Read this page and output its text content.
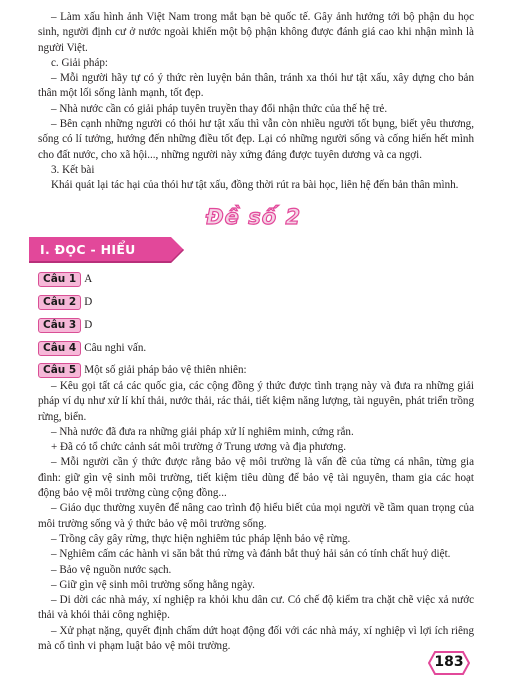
– Làm xấu hình ảnh Việt Nam trong mắt bạn bè quốc tế. Gây ảnh hưởng tới bộ phận du học sinh, người định cư ở nước ngoài khiến một bộ phận không được đánh giá cao khi nhận mình là người Việt.

c. Giải pháp:

– Mỗi người hãy tự có ý thức rèn luyện bản thân, tránh xa thói hư tật xấu, xây dựng cho bản thân một lối sống lành mạnh, tốt đẹp.

– Nhà nước cần có giải pháp tuyên truyền thay đổi nhận thức của thế hệ trẻ.

– Bên cạnh những người có thói hư tật xấu thì vẫn còn nhiều người tốt bụng, biết yêu thương, sống có lí tưởng, hướng đến những điều tốt đẹp. Lại có những người sống và cống hiến hết mình cho đất nước, cho xã hội..., những người này xứng đáng được tuyên dương và ca ngợi.

3. Kết bài

Khái quát lại tác hại của thói hư tật xấu, đồng thời rút ra bài học, liên hệ đến bản thân mình.

Đề số 2
I. ĐỌC - HIỂU
Câu 1 A
Câu 2 D
Câu 3 D
Câu 4 Câu nghi vấn.
Câu 5 Một số giải pháp bảo vệ thiên nhiên:

– Kêu gọi tất cả các quốc gia, các cộng đồng ý thức được tình trạng này và đưa ra những giải pháp ví dụ như xử lí khí thải, nước thải, rác thải, tiết kiệm năng lượng, tài nguyên, phát triển trồng rừng, biển.

– Nhà nước đã đưa ra những giải pháp xử lí nghiêm minh, cứng rắn.

+ Đã có tổ chức cảnh sát môi trường ở Trung ương và địa phương.

– Mỗi người cần ý thức được rằng bảo vệ môi trường là vấn đề của từng cá nhân, từng gia đình: giữ gìn vệ sinh môi trường, tiết kiệm tiêu dùng để bảo vệ tài nguyên, tham gia các hoạt động bảo vệ môi trường cùng cộng đồng...

– Giáo dục thường xuyên để nâng cao trình độ hiểu biết của mọi người về tầm quan trọng của môi trường sống và ý thức bảo vệ môi trường sống.

– Trồng cây gây rừng, thực hiện nghiêm túc pháp lệnh bảo vệ rừng.

– Nghiêm cấm các hành vi săn bắt thú rừng và đánh bắt thuỷ hải sản có tính chất huỷ diệt.

– Bảo vệ nguồn nước sạch.

– Giữ gìn vệ sinh môi trường sống hằng ngày.

– Di dời các nhà máy, xí nghiệp ra khỏi khu dân cư. Có chế độ kiểm tra chặt chẽ việc xả nước thải và khói thải công nghiệp.

– Xử phạt nặng, quyết định chấm dứt hoạt động đối với các nhà máy, xí nghiệp vì lợi ích riêng mà cố tình vi phạm luật bảo vệ môi trường.

183
